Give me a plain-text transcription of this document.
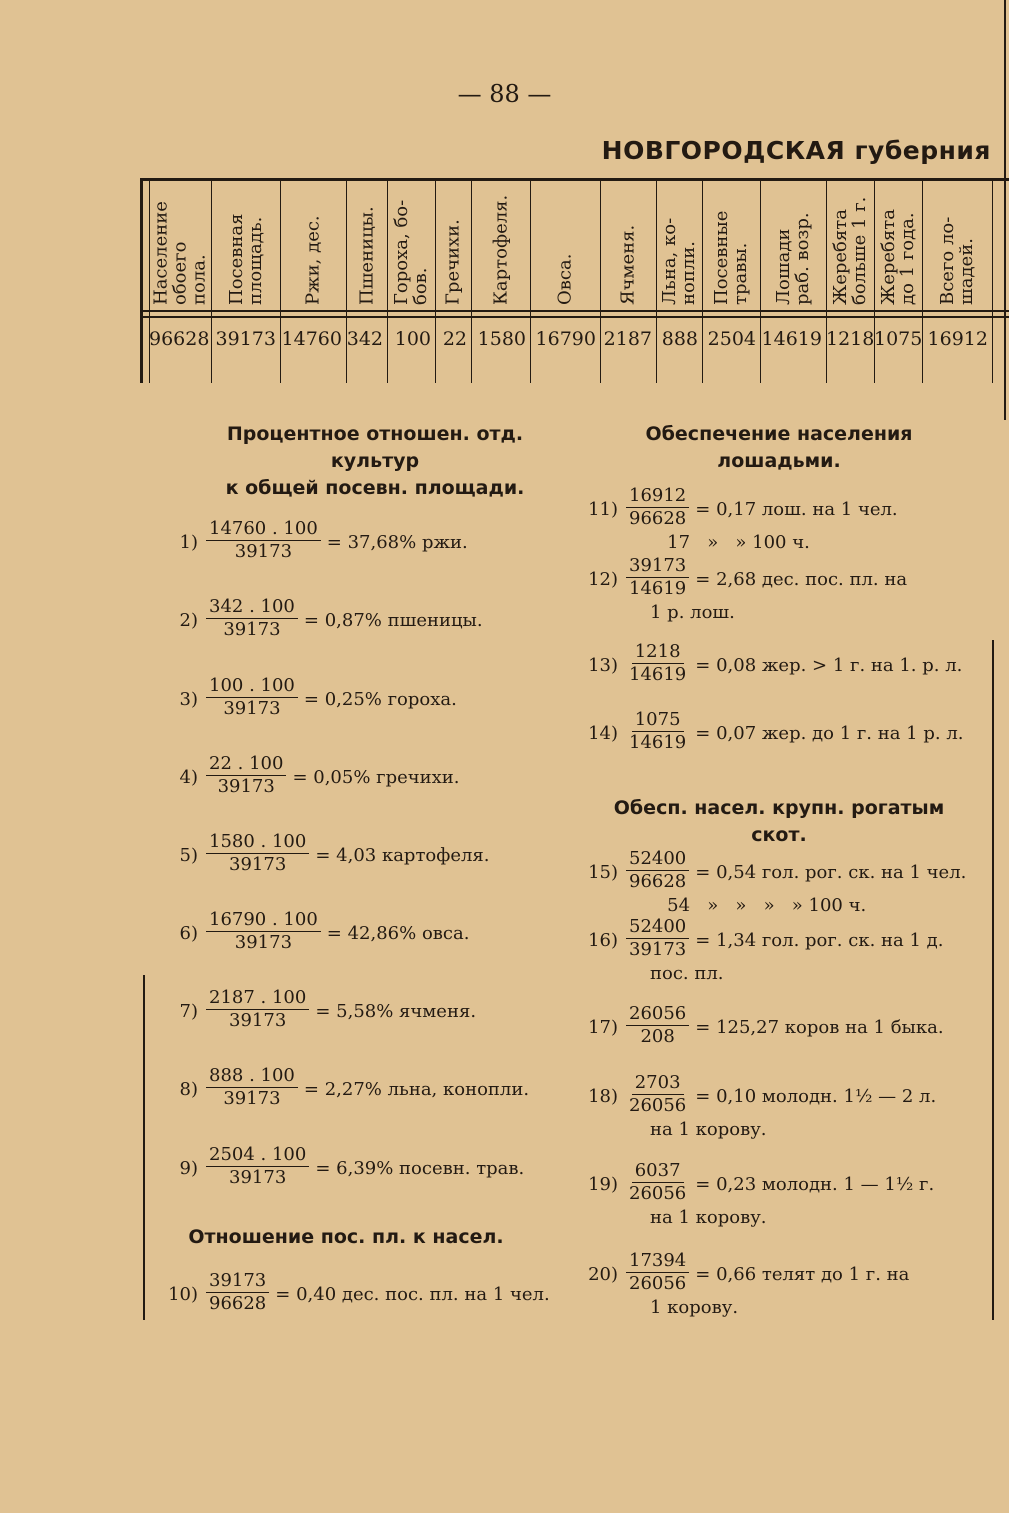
— 88 —
НОВГОРОДСКАЯ губерния
Население
обоего пола.
96628
Посевная
площадь.
39173
Ржи, дес.
14760
Пшеницы.
342
Гороха, бо-
бов.
100
Гречихи.
22
Картофеля.
1580
Овса.
16790
Ячменя.
2187
Льна, ко-
нопли.
888
Посевные
травы.
2504
Лошади
раб. возр.
14619
Жеребята
больше 1 г.
1218
Жеребята
до 1 года.
1075
Всего ло-
шадей.
16912
Процентное отношен. отд. культур
к общей посевн. площади.
$1) \frac{14760 . 100}{39173} = 37,68\%$ ржи.
$2) \frac{342 . 100}{39173} = 0,87\%$ пшеницы.
$3) \frac{100 . 100}{39173} = 0,25\%$ гороха.
$4) \frac{22 . 100}{39173} = 0,05\%$ гречихи.
$5) \frac{1580 . 100}{39173} = 4,03$ картофеля.
$6) \frac{16790 . 100}{39173} = 42,86\%$ овса.
$7) \frac{2187 . 100}{39173} = 5,58\%$ ячменя.
$8) \frac{888 . 100}{39173} = 2,27\%$ льна, конопли.
$9) \frac{2504 . 100}{39173} = 6,39\%$ посевн. трав.
$10) \frac{39173}{96628} = 0,40$ дес. пос. пл. на 1 чел.
Отношение пос. пл. к насел.
Обеспечение населения лошадьми.
Обесп. насел. крупн. рогатым скот.
$11) \frac{16912}{96628} = 0,17$ лош. на 1 чел.
17   »   » 100 ч.
$12) \frac{39173}{14619} = 2,68$ дес. пос. пл. на
1 р. лош.
$13) \frac{1218}{14619} = 0,08$ жер. > 1 г. на 1. р. л.
$14) \frac{1075}{14619} = 0,07$ жер. до 1 г. на 1 р. л.
$15) \frac{52400}{96628} = 0,54$ гол. рог. ск. на 1 чел.
54   »   »   »   » 100 ч.
$16) \frac{52400}{39173} = 1,34$ гол. рог. ск. на 1 д.
пос. пл.
$17) \frac{26056}{208} = 125,27$ коров на 1 быка.
$18) \frac{2703}{26056} = 0,10$ молодн. 1½ — 2 л.
на 1 корову.
$19) \frac{6037}{26056} = 0,23$ молодн. 1 — 1½ г.
на 1 корову.
$20) \frac{17394}{26056} = 0,66$ телят до 1 г. на
1 корову.
